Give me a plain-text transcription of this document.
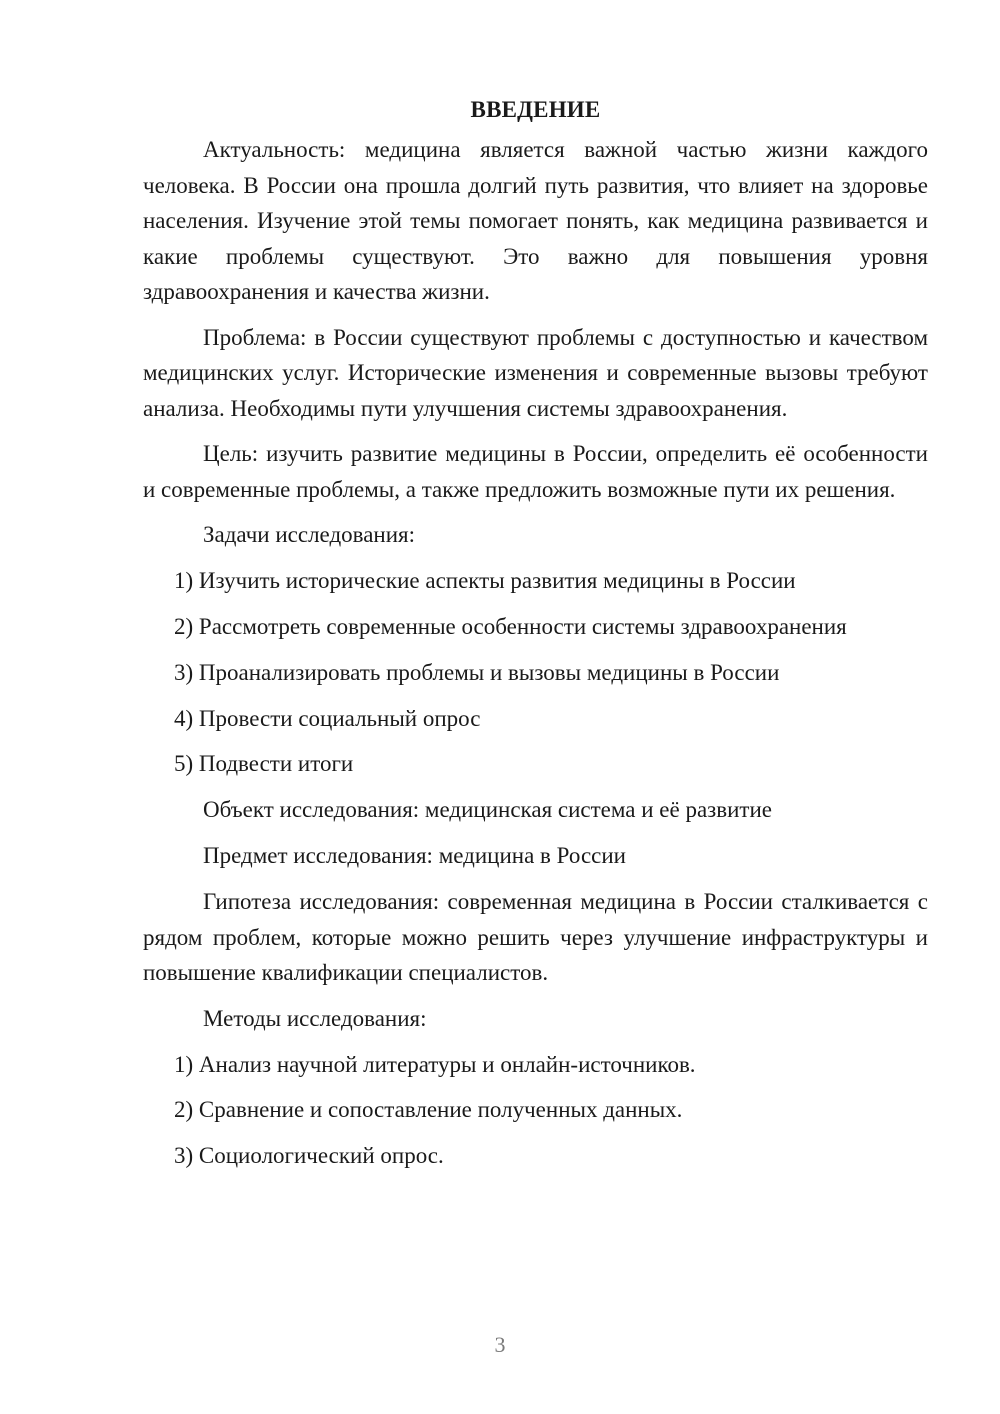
ВВЕДЕНИЕ

Актуальность: медицина является важной частью жизни каждого человека. В России она прошла долгий путь развития, что влияет на здоровье населения. Изучение этой темы помогает понять, как медицина развивается и какие проблемы существуют. Это важно для повышения уровня здравоохранения и качества жизни.

Проблема: в России существуют проблемы с доступностью и качеством медицинских услуг. Исторические изменения и современные вызовы требуют анализа. Необходимы пути улучшения системы здравоохранения.

Цель: изучить развитие медицины в России, определить её особенности и современные проблемы, а также предложить возможные пути их решения.

Задачи исследования:
1) Изучить исторические аспекты развития медицины в России
2) Рассмотреть современные особенности системы здравоохранения
3) Проанализировать проблемы и вызовы медицины в России
4) Провести социальный опрос
5) Подвести итоги
Объект исследования: медицинская система и её развитие
Предмет исследования: медицина в России

Гипотеза исследования: современная медицина в России сталкивается с рядом проблем, которые можно решить через улучшение инфраструктуры и повышение квалификации специалистов.

Методы исследования:
1) Анализ научной литературы и онлайн-источников.
2) Сравнение и сопоставление полученных данных.
3) Социологический опрос.
3
